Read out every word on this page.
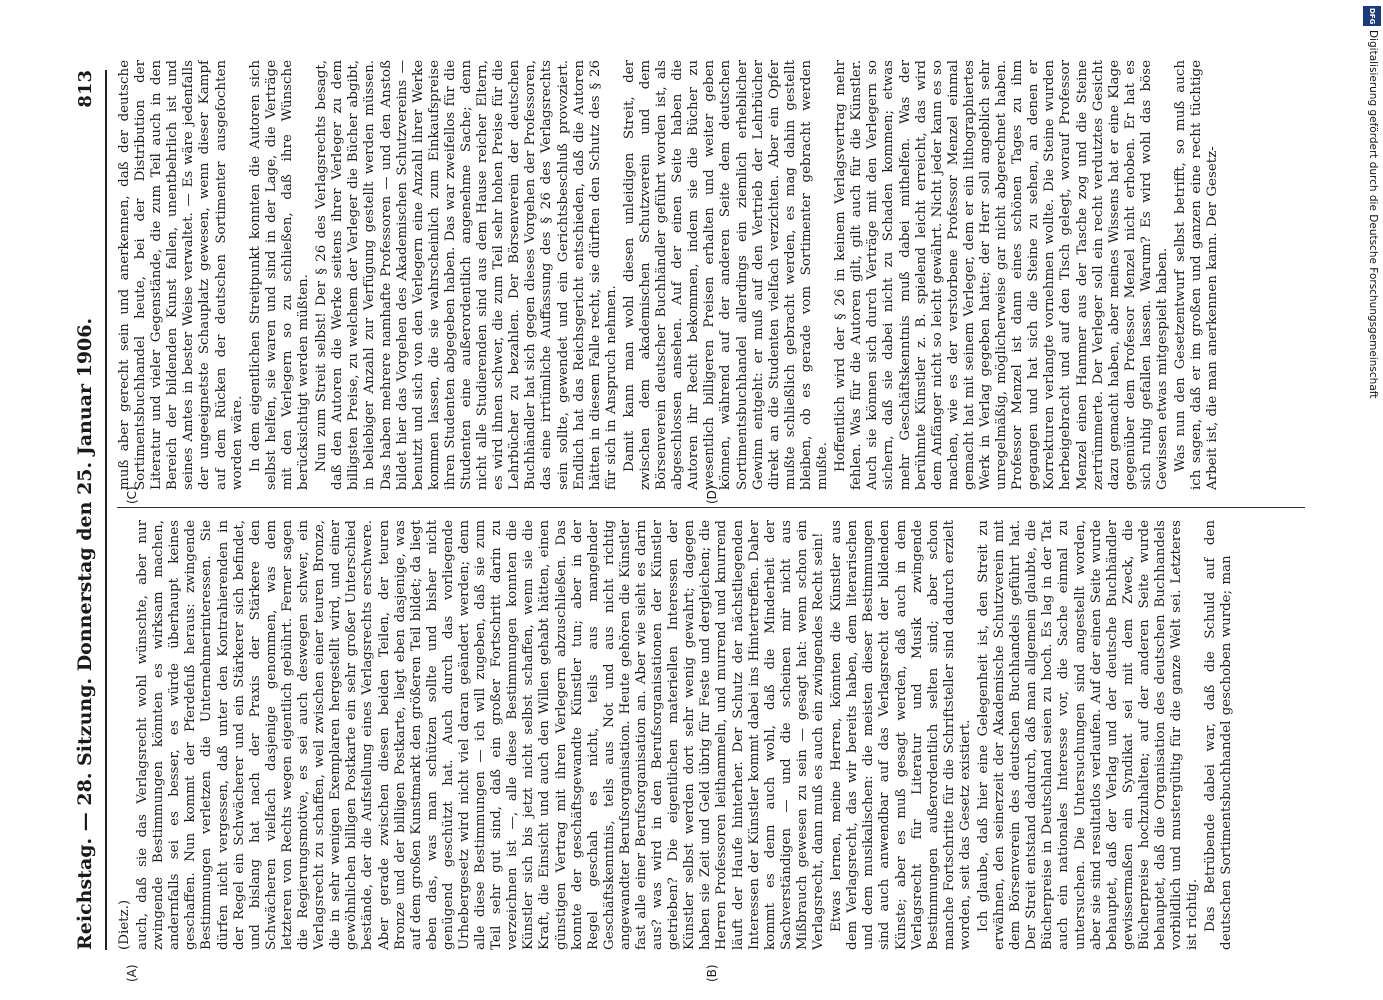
Reichstag. — 28. Sitzung. Donnerstag den 25. Januar 1906.
813
(A)	(B)
(C)	(D)

(Dietz.) auch, daß sie das Verlagsrecht wohl wünschte, aber nur zwingende Bestimmungen könnten es wirksam machen, andernfalls sei es besser, es würde überhaupt keines geschaffen. Nun kommt der Pferdefuß heraus: zwingende Bestimmungen verletzen die Unternehmerinteressen. Sie dürfen nicht vergessen, daß unter den Kontrahierenden in der Regel ein Schwächerer und ein Stärkerer sich befindet, und bislang hat nach der Praxis der Stärkere den Schwächeren vielfach dasjenige genommen, was dem letzteren von Rechts wegen eigentlich gebührt. Ferner sagen die Regierungsmotive, es sei auch deswegen schwer, ein Verlagsrecht zu schaffen, weil zwischen einer teuren Bronze, die in sehr wenigen Exemplaren hergestellt wird, und einer gewöhnlichen billigen Postkarte ein sehr großer Unterschied bestände, der die Aufstellung eines Verlagsrechts erschwere. Aber gerade zwischen diesen beiden Teilen, der teuren Bronze und der billigen Postkarte, liegt eben dasjenige, was auf dem großen Kunstmarkt den größeren Teil bildet; da liegt eben das, was man schützen sollte und bisher nicht genügend geschützt hat. Auch durch das vorliegende Urhebergesetz wird nicht viel daran geändert werden; denn alle diese Bestimmungen — ich will zugeben, daß sie zum Teil sehr gut sind, daß ein großer Fortschritt darin zu verzeichnen ist —, alle diese Bestimmungen konnten die Künstler sich bis jetzt nicht selbst schaffen, wenn sie die Kraft, die Einsicht und auch den Willen gehabt hätten, einen günstigen Vertrag mit ihren Verlegern abzuschließen. Das konnte der geschäftsgewandte Künstler tun; aber in der Regel geschah es nicht, teils aus mangelnder Geschäftskenntnis, teils aus Not und aus nicht richtig angewandter Berufsorganisation. Heute gehören die Künstler fast alle einer Berufsorganisation an. Aber wie sieht es darin aus? was wird in den Berufsorganisationen der Künstler getrieben? Die eigentlichen materiellen Interessen der Künstler selbst werden dort sehr wenig gewahrt; dagegen haben sie Zeit und Geld übrig für Feste und dergleichen; die Herren Professoren leithammeln, und murrend und knurrend läuft der Haufe hinterher. Der Schutz der nächstliegenden Interessen der Künstler kommt dabei ins Hintertreffen. Daher kommt es denn auch wohl, daß die Minderheit der Sachverständigen — und die scheinen mir nicht aus Mißbrauch gewesen zu sein — gesagt hat: wenn schon ein Verlagsrecht, dann muß es auch ein zwingendes Recht sein! Etwas lernen, meine Herren, könnten die Künstler aus dem Verlagsrecht, das wir bereits haben, dem literarischen und dem musikalischen: die meisten dieser Bestimmungen sind auch anwendbar auf das Verlagsrecht der bildenden Künste; aber es muß gesagt werden, daß auch in dem Verlagsrecht für Literatur und Musik zwingende Bestimmungen außerordentlich selten sind; aber schon manche Fortschritte für die Schriftsteller sind dadurch erzielt worden, seit das Gesetz existiert. Ich glaube, daß hier eine Gelegenheit ist, den Streit zu erwähnen, den seinerzeit der Akademische Schutzverein mit dem Börsenverein des deutschen Buchhandels geführt hat. Der Streit entstand dadurch, daß man allgemein glaubte, die Bücherpreise in Deutschland seien zu hoch. Es lag in der Tat auch ein nationales Interesse vor, die Sache einmal zu untersuchen. Die Untersuchungen sind angestellt worden, aber sie sind resultatlos verlaufen. Auf der einen Seite wurde behauptet, daß der Verlag und der deutsche Buchhändler gewissermaßen ein Syndikat sei mit dem Zweck, die Bücherpreise hochzuhalten; auf der anderen Seite wurde behauptet, daß die Organisation des deutschen Buchhandels vorbildlich und mustergültig für die ganze Welt sei. Letzteres ist richtig. Das Betrübende dabei war, daß die Schuld auf den deutschen Sortimentsbuchhandel geschoben wurde; man

muß aber gerecht sein und anerkennen, daß der deutsche Sortimentsbuchhandel heute, bei der Distribution der Literatur und vieler Gegenstände, die zum Teil auch in den Bereich der bildenden Kunst fallen, unentbehrlich ist und seines Amtes in bester Weise verwaltet. — Es wäre jedenfalls der ungeeignetste Schauplatz gewesen, wenn dieser Kampf auf dem Rücken der deutschen Sortimenter ausgefochten worden wäre. In dem eigentlichen Streitpunkt konnten die Autoren sich selbst helfen, sie waren und sind in der Lage, die Verträge mit den Verlegern so zu schließen, daß ihre Wünsche berücksichtigt werden müßten. Nun zum Streit selbst! Der § 26 des Verlagsrechts besagt, daß den Autoren die Werke seitens ihrer Verleger zu dem billigsten Preise, zu welchem der Verleger die Bücher abgibt, in beliebiger Anzahl zur Verfügung gestellt werden müssen. Das haben mehrere namhafte Professoren — und den Anstoß bildet hier das Vorgehen des Akademischen Schutzvereins — benutzt und sich von den Verlegern eine Anzahl ihrer Werke kommen lassen, die sie wahrscheinlich zum Einkaufspreise ihren Studenten abgegeben haben. Das war zweifellos für die Studenten eine außerordentlich angenehme Sache; denn nicht alle Studierenden sind aus dem Hause reicher Eltern, es wird ihnen schwer, die zum Teil sehr hohen Preise für die Lehrbücher zu bezahlen. Der Börsenverein der deutschen Buchhändler hat sich gegen dieses Vorgehen der Professoren, das eine irrtümliche Auffassung des § 26 des Verlagsrechts sein sollte, gewendet und ein Gerichtsbeschluß provoziert. Endlich hat das Reichsgericht entschieden, daß die Autoren hätten in diesem Falle recht, sie dürften den Schutz des § 26 für sich in Anspruch nehmen. Damit kann man wohl diesen unleidigen Streit, der zwischen dem akademischen Schutzverein und dem Börsenverein deutscher Buchhändler geführt worden ist, als abgeschlossen ansehen. Auf der einen Seite haben die Autoren ihr Recht bekommen, indem sie die Bücher zu wesentlich billigeren Preisen erhalten und weiter geben können, während auf der anderen Seite dem deutschen Sortimentsbuchhandel allerdings ein ziemlich erheblicher Gewinn entgeht: er muß auf den Vertrieb der Lehrbücher direkt an die Studenten vielfach verzichten. Aber ein Opfer mußte schließlich gebracht werden, es mag dahin gestellt bleiben, ob es gerade vom Sortimenter gebracht werden mußte. Hoffentlich wird der § 26 in keinem Verlagsvertrag mehr fehlen. Was für die Autoren gilt, gilt auch für die Künstler. Auch sie können sich durch Verträge mit den Verlegern so sichern, daß sie dabei nicht zu Schaden kommen; etwas mehr Geschäftskenntnis muß dabei mithelfen. Was der berühmte Künstler z. B. spielend leicht erreicht, das wird dem Anfänger nicht so leicht gewährt. Nicht jeder kann es so machen, wie es der verstorbene Professor Menzel einmal gemacht hat mit seinem Verleger, dem er ein lithographiertes Werk in Verlag gegeben hatte; der Herr soll angeblich sehr unregelmäßig, möglicherweise gar nicht abgerechnet haben. Professor Menzel ist dann eines schönen Tages zu ihm gegangen und hat sich die Steine zu sehen, an denen er Korrekturen verlangte vornehmen wollte. Die Steine wurden herbeigebracht und auf den Tisch gelegt, worauf Professor Menzel einen Hammer aus der Tasche zog und die Steine zertrümmerte. Der Verleger soll ein recht verdutztes Gesicht dazu gemacht haben, aber meines Wissens hat er eine Klage gegenüber dem Professor Menzel nicht erhoben. Er hat es sich ruhig gefallen lassen. Warum? Es wird wohl das böse Gewissen etwas mitgespielt haben. Was nun den Gesetzentwurf selbst betrifft, so muß auch ich sagen, daß er im großen und ganzen eine recht tüchtige Arbeit ist, die man anerkennen kann. Der Gesetz-

DFG
Digitalisierung gefördert durch die Deutsche Forschungsgemeinschaft
